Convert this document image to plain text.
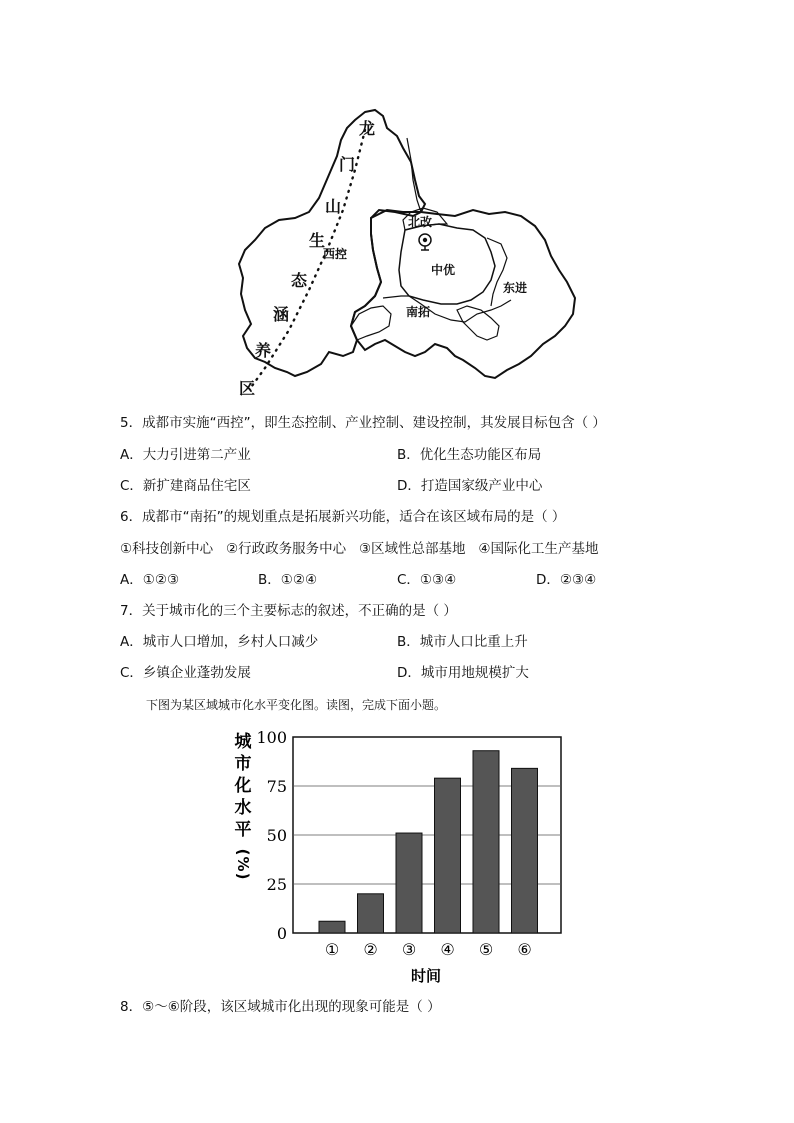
龙
门
山
生
态
涵
养
区
西控
北改
中优
南拓
东进
5．成都市实施“西控”，即生态控制、产业控制、建设控制，其发展目标包含（ ）
A．大力引进第二产业	B．优化生态功能区布局
C．新扩建商品住宅区	D．打造国家级产业中心
6．成都市“南拓”的规划重点是拓展新兴功能，适合在该区域布局的是（ ）
①科技创新中心   ②行政政务服务中心   ③区域性总部基地   ④国际化工生产基地
A．①②③	B．①②④	C．①③④	D．②③④
7．关于城市化的三个主要标志的叙述，不正确的是（ ）
A．城市人口增加，乡村人口减少	B．城市人口比重上升
C．乡镇企业蓬勃发展	D．城市用地规模扩大
下图为某区域城市化水平变化图。读图，完成下面小题。
0
25
50
75
100
① ② ③ ④ ⑤ ⑥
时间
城
市
化
水
平
(
%
)
8．⑤～⑥阶段，该区域城市化出现的现象可能是（ ）
